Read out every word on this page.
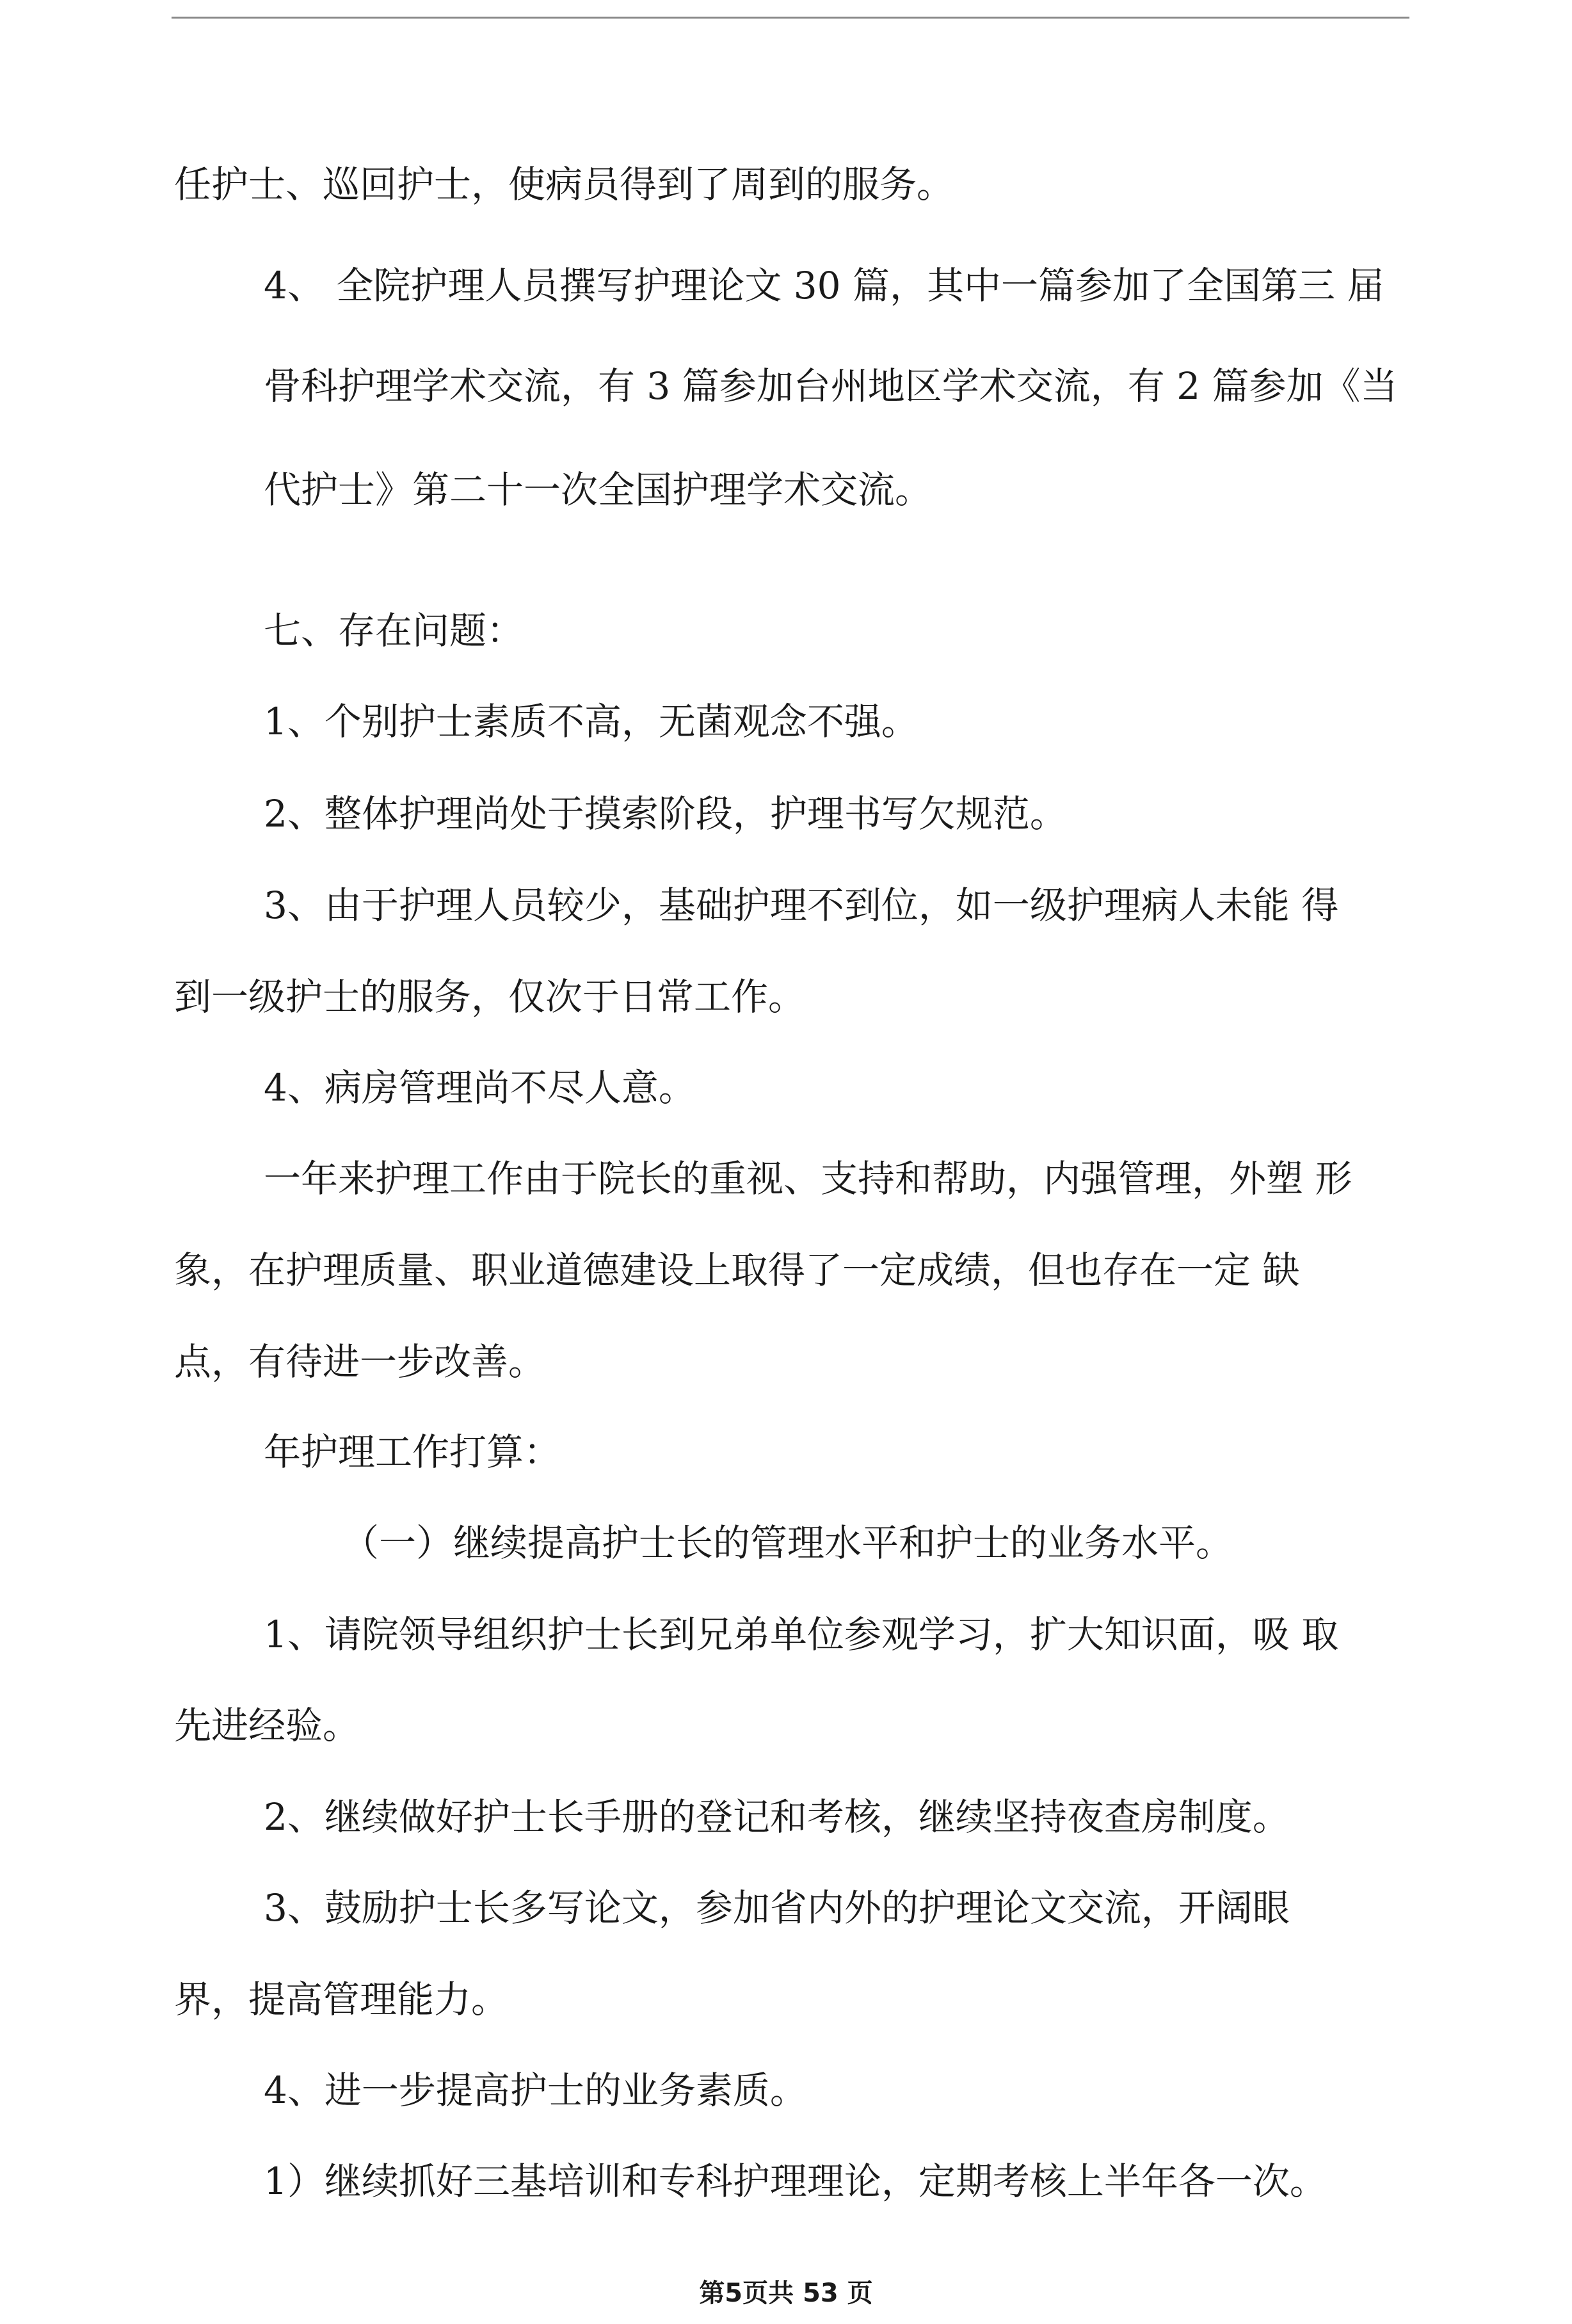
任护士、巡回护士，使病员得到了周到的服务。
4、 全院护理人员撰写护理论文 30 篇，其中一篇参加了全国第三 届
骨科护理学术交流，有 3 篇参加台州地区学术交流，有 2 篇参加《当
代护士》第二十一次全国护理学术交流。
七、存在问题：
1、个别护士素质不高，无菌观念不强。
2、整体护理尚处于摸索阶段，护理书写欠规范。
3、由于护理人员较少，基础护理不到位，如一级护理病人未能 得
到一级护士的服务，仅次于日常工作。
4、病房管理尚不尽人意。
一年来护理工作由于院长的重视、支持和帮助，内强管理，外塑 形
象，在护理质量、职业道德建设上取得了一定成绩，但也存在一定 缺
点，有待进一步改善。
年护理工作打算：
（一）继续提高护士长的管理水平和护士的业务水平。
1、请院领导组织护士长到兄弟单位参观学习，扩大知识面，吸 取
先进经验。
2、继续做好护士长手册的登记和考核，继续坚持夜查房制度。
3、鼓励护士长多写论文，参加省内外的护理论文交流，开阔眼
界，提高管理能力。
4、进一步提高护士的业务素质。
1）继续抓好三基培训和专科护理理论，定期考核上半年各一次。
第5页共 53 页
